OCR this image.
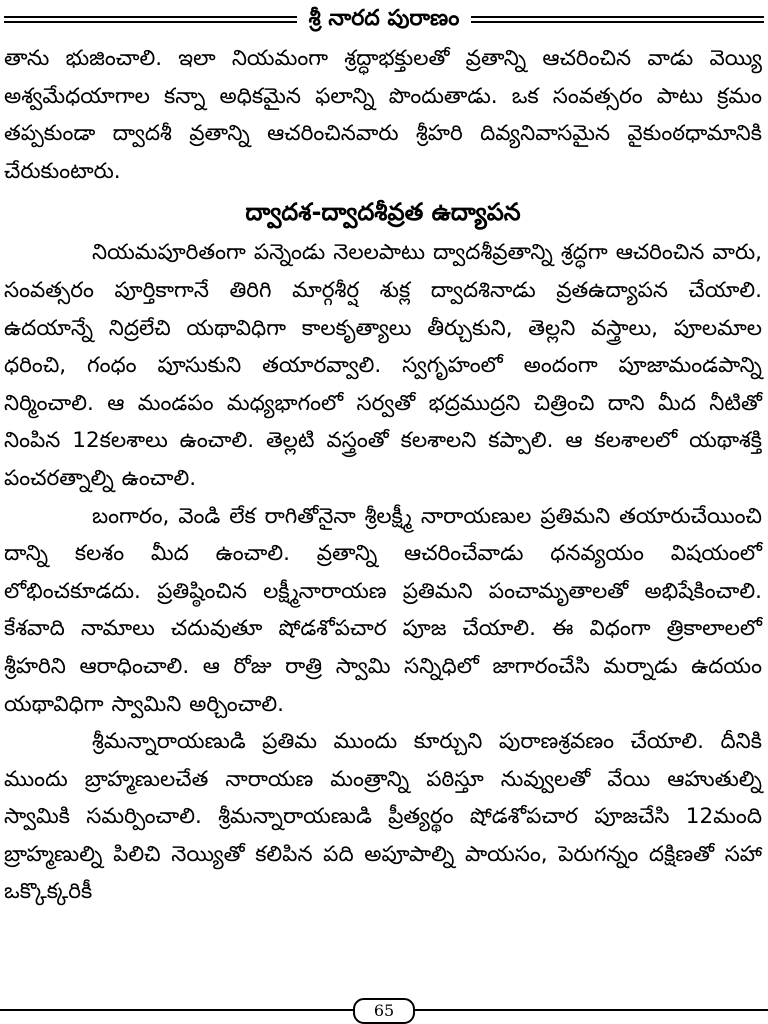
శ్రీ నారద పురాణం

తాను భుజించాలి. ఇలా నియమంగా శ్రద్ధాభక్తులతో వ్రతాన్ని ఆచరించిన వాడు వెయ్యి అశ్వమేధయాగాల కన్నా అధికమైన ఫలాన్ని పొందుతాడు. ఒక సంవత్సరం పాటు క్రమం తప్పకుండా ద్వాదశీ వ్రతాన్ని ఆచరించినవారు శ్రీహరి దివ్యనివాసమైన వైకుంఠధామానికి చేరుకుంటారు.

ద్వాదశ-ద్వాదశీవ్రత ఉద్యాపన

నియమపూరితంగా పన్నెండు నెలలపాటు ద్వాదశీవ్రతాన్ని శ్రద్ధగా ఆచరించిన వారు, సంవత్సరం పూర్తికాగానే తిరిగి మార్గశీర్ష శుక్ల ద్వాదశినాడు వ్రతఉద్యాపన చేయాలి. ఉదయాన్నే నిద్రలేచి యథావిధిగా కాలకృత్యాలు తీర్చుకుని, తెల్లని వస్త్రాలు, పూలమాల ధరించి, గంధం పూసుకుని తయారవ్వాలి. స్వగృహంలో అందంగా పూజామండపాన్ని నిర్మించాలి. ఆ మండపం మధ్యభాగంలో సర్వతో భద్రముద్రని చిత్రించి దాని మీద నీటితో నింపిన 12కలశాలు ఉంచాలి. తెల్లటి వస్త్రంతో కలశాలని కప్పాలి. ఆ కలశాలలో యథాశక్తి పంచరత్నాల్ని ఉంచాలి.

బంగారం, వెండి లేక రాగితోనైనా శ్రీలక్ష్మీ నారాయణుల ప్రతిమని తయారుచేయించి దాన్ని కలశం మీద ఉంచాలి. వ్రతాన్ని ఆచరించేవాడు ధనవ్యయం విషయంలో లోభించకూడదు. ప్రతిష్ఠించిన లక్ష్మీనారాయణ ప్రతిమని పంచామృతాలతో అభిషేకించాలి. కేశవాది నామాలు చదువుతూ షోడశోపచార పూజ చేయాలి. ఈ విధంగా త్రికాలాలలో శ్రీహరిని ఆరాధించాలి. ఆ రోజు రాత్రి స్వామి సన్నిధిలో జాగారంచేసి మర్నాడు ఉదయం యథావిధిగా స్వామిని అర్చించాలి.

శ్రీమన్నారాయణుడి ప్రతిమ ముందు కూర్చుని పురాణశ్రవణం చేయాలి. దీనికి ముందు బ్రాహ్మణులచేత నారాయణ మంత్రాన్ని పఠిస్తూ నువ్వులతో వేయి ఆహుతుల్ని స్వామికి సమర్పించాలి. శ్రీమన్నారాయణుడి ప్రీత్యర్థం షోడశోపచార పూజచేసి 12మంది బ్రాహ్మణుల్ని పిలిచి నెయ్యితో కలిపిన పది అపూపాల్ని పాయసం, పెరుగన్నం దక్షిణతో సహా ఒక్కొక్కరికీ

65
